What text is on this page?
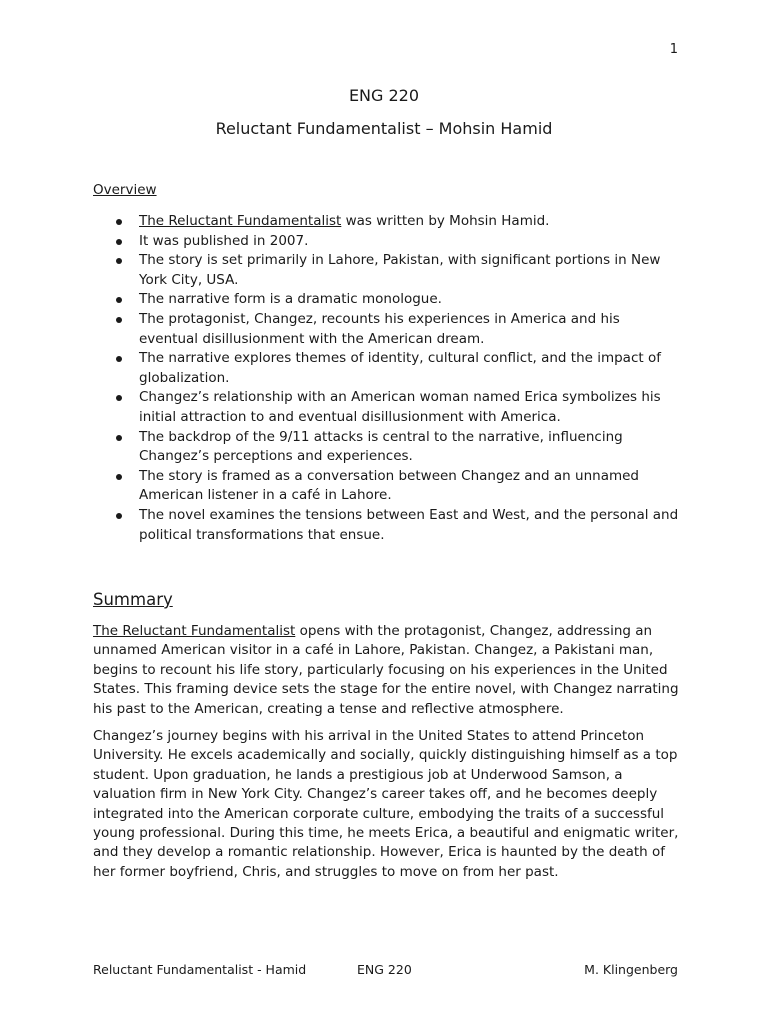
1
ENG 220
Reluctant Fundamentalist – Mohsin Hamid
Overview
The Reluctant Fundamentalist was written by Mohsin Hamid.
It was published in 2007.
The story is set primarily in Lahore, Pakistan, with significant portions in New York City, USA.
The narrative form is a dramatic monologue.
The protagonist, Changez, recounts his experiences in America and his eventual disillusionment with the American dream.
The narrative explores themes of identity, cultural conflict, and the impact of globalization.
Changez’s relationship with an American woman named Erica symbolizes his initial attraction to and eventual disillusionment with America.
The backdrop of the 9/11 attacks is central to the narrative, influencing Changez’s perceptions and experiences.
The story is framed as a conversation between Changez and an unnamed American listener in a café in Lahore.
The novel examines the tensions between East and West, and the personal and political transformations that ensue.
Summary

The Reluctant Fundamentalist opens with the protagonist, Changez, addressing an unnamed American visitor in a café in Lahore, Pakistan. Changez, a Pakistani man, begins to recount his life story, particularly focusing on his experiences in the United States. This framing device sets the stage for the entire novel, with Changez narrating his past to the American, creating a tense and reflective atmosphere.

Changez’s journey begins with his arrival in the United States to attend Princeton University. He excels academically and socially, quickly distinguishing himself as a top student. Upon graduation, he lands a prestigious job at Underwood Samson, a valuation firm in New York City. Changez’s career takes off, and he becomes deeply integrated into the American corporate culture, embodying the traits of a successful young professional. During this time, he meets Erica, a beautiful and enigmatic writer, and they develop a romantic relationship. However, Erica is haunted by the death of her former boyfriend, Chris, and struggles to move on from her past.

Reluctant Fundamentalist - Hamid	ENG 220	M. Klingenberg
